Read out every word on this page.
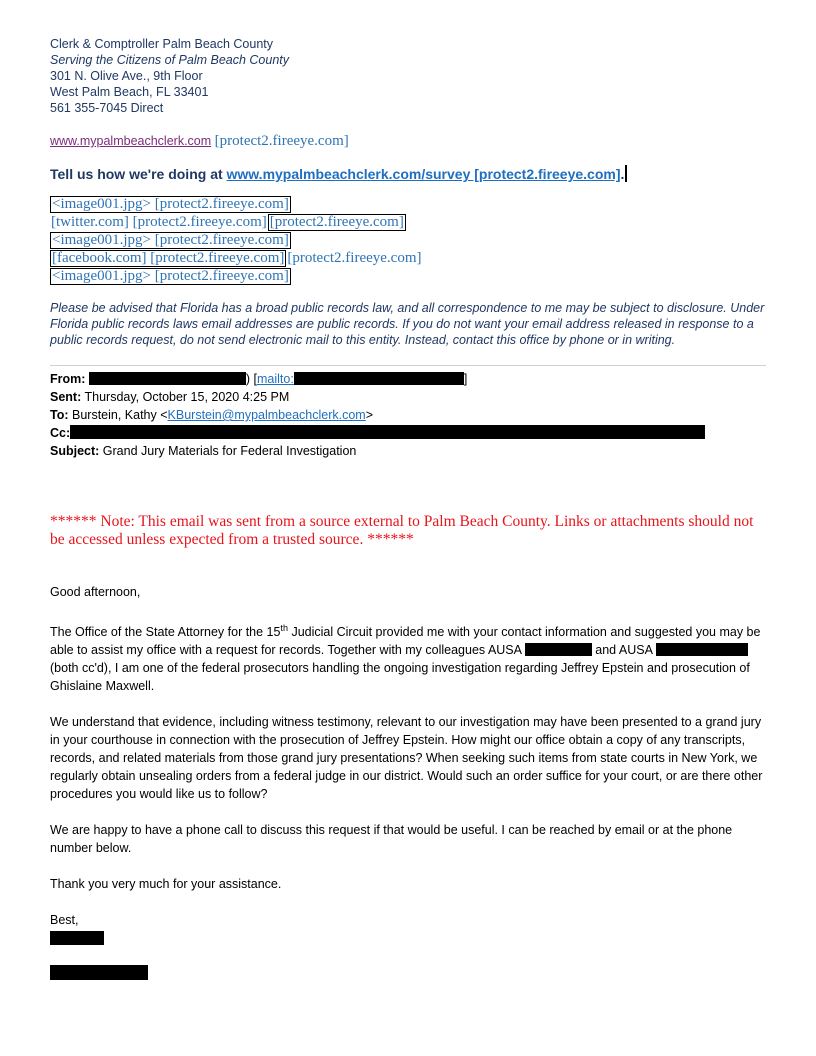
Clerk & Comptroller Palm Beach County
Serving the Citizens of Palm Beach County
301 N. Olive Ave., 9th Floor
West Palm Beach, FL 33401
561 355-7045 Direct
www.mypalmbeachclerk.com [protect2.fireeye.com]
Tell us how we're doing at www.mypalmbeachclerk.com/survey [protect2.fireeye.com].
<image001.jpg> [protect2.fireeye.com]
[twitter.com] [protect2.fireeye.com] [protect2.fireeye.com]
<image001.jpg> [protect2.fireeye.com]
[facebook.com] [protect2.fireeye.com] [protect2.fireeye.com]
<image001.jpg> [protect2.fireeye.com]
Please be advised that Florida has a broad public records law, and all correspondence to me may be subject to disclosure. Under Florida public records laws email addresses are public records. If you do not want your email address released in response to a public records request, do not send electronic mail to this entity. Instead, contact this office by phone or in writing.
From:	) [mailto:	]
Sent: Thursday, October 15, 2020 4:25 PM
To: Burstein, Kathy <KBurstein@mypalmbeachclerk.com>
Cc:
Subject: Grand Jury Materials for Federal Investigation
****** Note: This email was sent from a source external to Palm Beach County. Links or attachments should not be accessed unless expected from a trusted source. ******

Good afternoon,

The Office of the State Attorney for the 15th Judicial Circuit provided me with your contact information and suggested you may be able to assist my office with a request for records. Together with my colleagues AUSA	and AUSA  (both cc'd), I am one of the federal prosecutors handling the ongoing investigation regarding Jeffrey Epstein and prosecution of Ghislaine Maxwell.

We understand that evidence, including witness testimony, relevant to our investigation may have been presented to a grand jury in your courthouse in connection with the prosecution of Jeffrey Epstein. How might our office obtain a copy of any transcripts, records, and related materials from those grand jury presentations? When seeking such items from state courts in New York, we regularly obtain unsealing orders from a federal judge in our district. Would such an order suffice for your court, or are there other procedures you would like us to follow?

We are happy to have a phone call to discuss this request if that would be useful. I can be reached by email or at the phone number below.

Thank you very much for your assistance.

Best,
